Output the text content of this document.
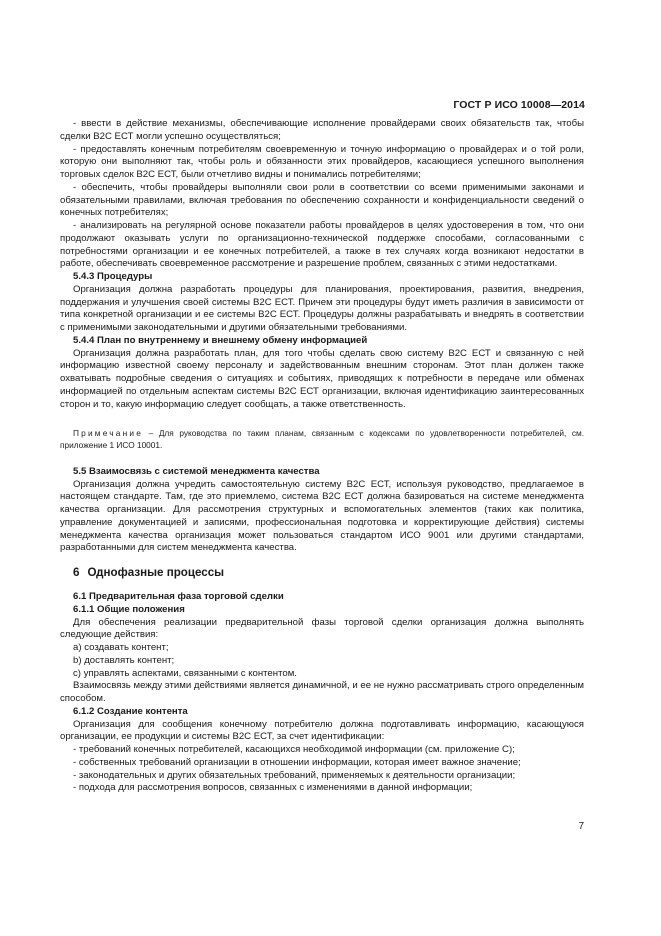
ГОСТ Р ИСО 10008—2014

- ввести в действие механизмы, обеспечивающие исполнение провайдерами своих обязательств так, чтобы сделки В2С ЕСТ могли успешно осуществляться;

- предоставлять конечным потребителям своевременную и точную информацию о провайдерах и о той роли, которую они выполняют так, чтобы роль и обязанности этих провайдеров, касающиеся успешного выполнения торговых сделок В2С ЕСТ, были отчетливо видны и понимались потребителями;

- обеспечить, чтобы провайдеры выполняли свои роли в соответствии со всеми применимыми законами и обязательными правилами, включая требования по обеспечению сохранности и конфиденциальности сведений о конечных потребителях;

- анализировать на регулярной основе показатели работы провайдеров в целях удостоверения в том, что они продолжают оказывать услуги по организационно-технической поддержке способами, согласованными с потребностями организации и ее конечных потребителей, а также в тех случаях когда возникают недостатки в работе, обеспечивать своевременное рассмотрение и разрешение проблем, связанных с этими недостатками.

5.4.3 Процедуры

Организация должна разработать процедуры для планирования, проектирования, развития, внедрения, поддержания и улучшения своей системы В2С ЕСТ. Причем эти процедуры будут иметь различия в зависимости от типа конкретной организации и ее системы В2С ЕСТ. Процедуры должны разрабатывать и внедрять в соответствии с применимыми законодательными и другими обязательными требованиями.

5.4.4 План по внутреннему и внешнему обмену информацией

Организация должна разработать план, для того чтобы сделать свою систему В2С ЕСТ и связанную с ней информацию известной своему персоналу и задействованным внешним сторонам. Этот план должен также охватывать подробные сведения о ситуациях и событиях, приводящих к потребности в передаче или обменах информацией по отдельным аспектам системы В2С ЕСТ организации, включая идентификацию заинтересованных сторон и то, какую информацию следует сообщать, а также ответственность.

Примечание – Для руководства по таким планам, связанным с кодексами по удовлетворенности потребителей, см. приложение 1 ИСО 10001.

5.5 Взаимосвязь с системой менеджмента качества

Организация должна учредить самостоятельную систему В2С ЕСТ, используя руководство, предлагаемое в настоящем стандарте. Там, где это приемлемо, система В2С ЕСТ должна базироваться на системе менеджмента качества организации. Для рассмотрения структурных и вспомогательных элементов (таких как политика, управление документацией и записями, профессиональная подготовка и корректирующие действия) системы менеджмента качества организация может пользоваться стандартом ИСО 9001 или другими стандартами, разработанными для систем менеджмента качества.

6 Однофазные процессы

6.1 Предварительная фаза торговой сделки

6.1.1 Общие положения

Для обеспечения реализации предварительной фазы торговой сделки организация должна выполнять следующие действия:

a) создавать контент;

b) доставлять контент;

c) управлять аспектами, связанными с контентом.

Взаимосвязь между этими действиями является динамичной, и ее не нужно рассматривать строго определенным способом.

6.1.2 Создание контента

Организация для сообщения конечному потребителю должна подготавливать информацию, касающуюся организации, ее продукции и системы В2С ЕСТ, за счет идентификации:

- требований конечных потребителей, касающихся необходимой информации (см. приложение С);

- собственных требований организации в отношении информации, которая имеет важное значение;

- законодательных и других обязательных требований, применяемых к деятельности организации;

- подхода для рассмотрения вопросов, связанных с изменениями в данной информации;

7
